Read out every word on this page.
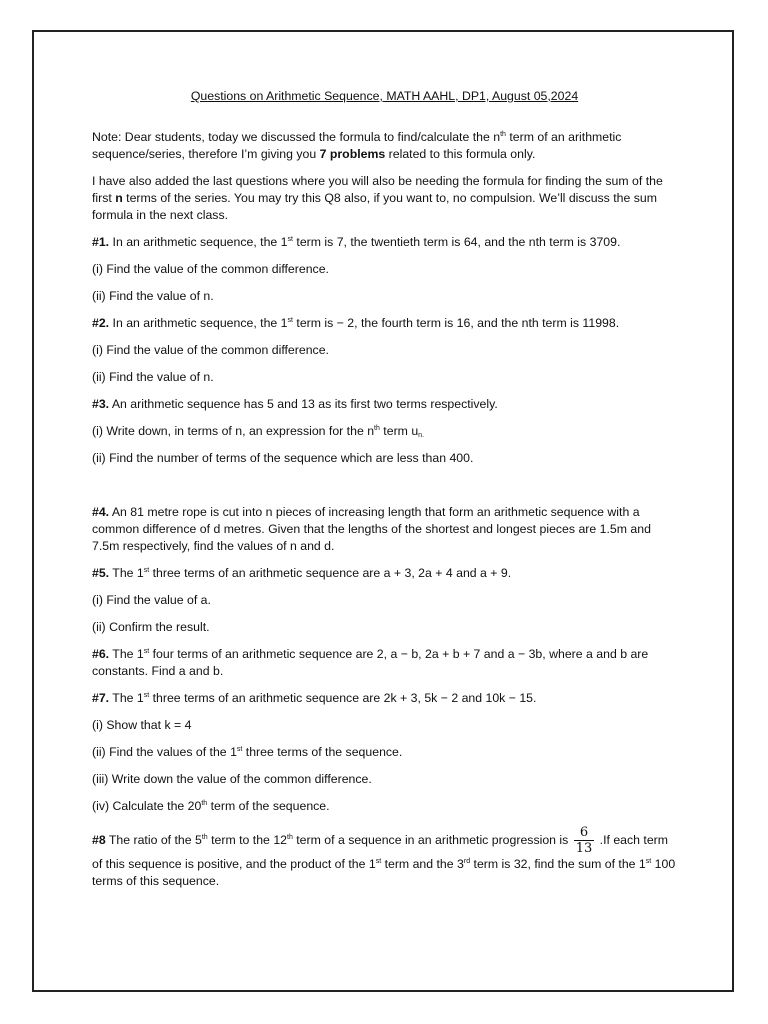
Questions on Arithmetic Sequence, MATH AAHL, DP1, August 05,2024

Note: Dear students, today we discussed the formula to find/calculate the $n^{th}$ term of an arithmetic sequence/series, therefore I’m giving you 7 problems related to this formula only.

I have also added the last questions where you will also be needing the formula for finding the sum of the first n terms of the series. You may try this Q8 also, if you want to, no compulsion. We’ll discuss the sum formula in the next class.

#1. In an arithmetic sequence, the 1st term is 7, the twentieth term is 64, and the nth term is 3709.

(i) Find the value of the common difference.

(ii) Find the value of n.

#2. In an arithmetic sequence, the 1st term is − 2, the fourth term is 16, and the nth term is 11998.

(i) Find the value of the common difference.

(ii) Find the value of n.

#3. An arithmetic sequence has 5 and 13 as its first two terms respectively.

(i) Write down, in terms of n, an expression for the $n^{th}$ term $u_{n.}$

(ii) Find the number of terms of the sequence which are less than 400.

#4. An 81 metre rope is cut into n pieces of increasing length that form an arithmetic sequence with a common difference of d metres. Given that the lengths of the shortest and longest pieces are 1.5m and 7.5m respectively, find the values of n and d.

#5. The 1st three terms of an arithmetic sequence are a + 3, 2a + 4 and a + 9.

(i) Find the value of a.

(ii) Confirm the result.

#6. The 1st four terms of an arithmetic sequence are 2, a − b, 2a + b + 7 and a − 3b, where a and b are constants. Find a and b.

#7. The 1st three terms of an arithmetic sequence are 2k + 3, 5k − 2 and 10k − 15.

(i) Show that k = 4

(ii) Find the values of the 1st three terms of the sequence.

(iii) Write down the value of the common difference.

(iv) Calculate the 20th term of the sequence.

#8 The ratio of the 5th term to the 12th term of a sequence in an arithmetic progression is $\frac{6}{13} .If$ each term of this sequence is positive, and the product of the 1st term and the 3rd term is 32, find the sum of the 1st 100 terms of this sequence.
